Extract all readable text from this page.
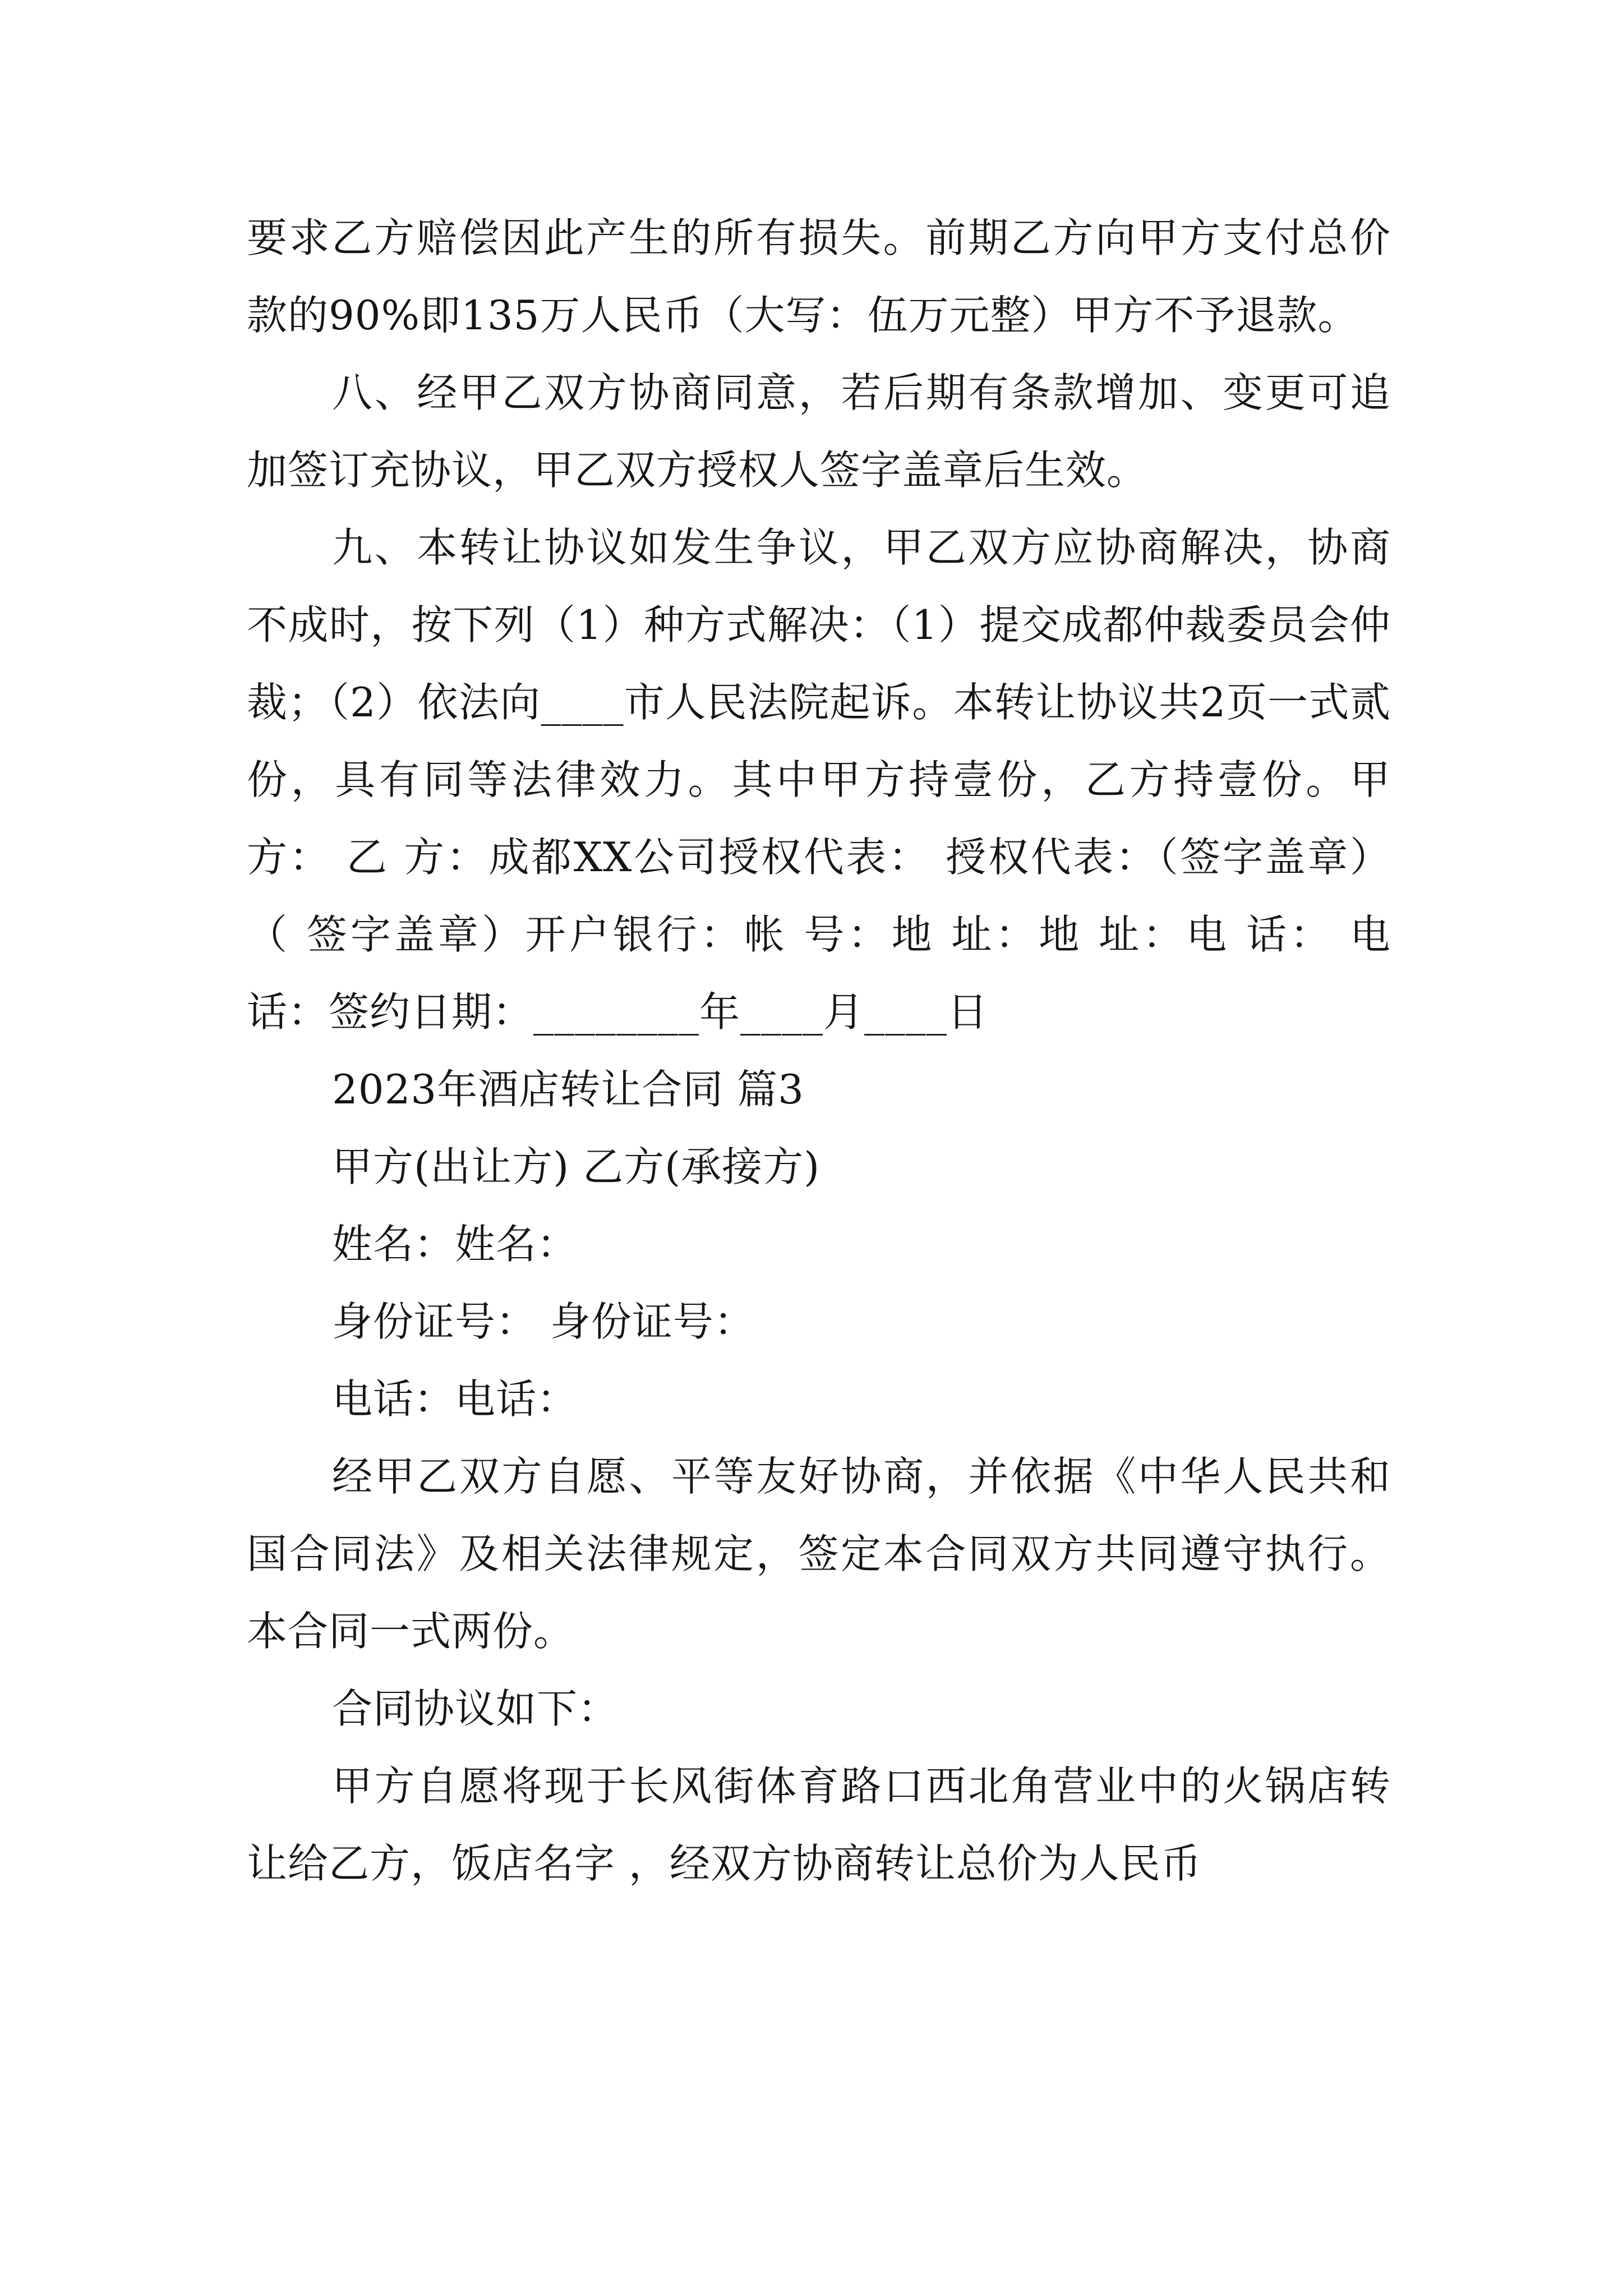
要求乙方赔偿因此产生的所有损失。前期乙方向甲方支付总价款的90%即135万人民币（大写：伍万元整）甲方不予退款。

八、经甲乙双方协商同意，若后期有条款增加、变更可追加签订充协议，甲乙双方授权人签字盖章后生效。

九、本转让协议如发生争议，甲乙双方应协商解决，协商不成时，按下列（1）种方式解决：（1）提交成都仲裁委员会仲裁；（2）依法向____市人民法院起诉。本转让协议共2页一式贰份，具有同等法律效力。其中甲方持壹份，乙方持壹份。甲 方： 乙 方：成都XX公司授权代表： 授权代表：（签字盖章） （ 签字盖章）开户银行：帐 号：地 址：地 址：电 话： 电 话：签约日期：________年____月____日

2023年酒店转让合同 篇3

甲方(出让方) 乙方(承接方)

姓名：姓名：

身份证号： 身份证号：

电话：电话：

经甲乙双方自愿、平等友好协商，并依据《中华人民共和国合同法》及相关法律规定，签定本合同双方共同遵守执行。本合同一式两份。

合同协议如下：

甲方自愿将现于长风街体育路口西北角营业中的火锅店转让给乙方，饭店名字 ，经双方协商转让总价为人民币
